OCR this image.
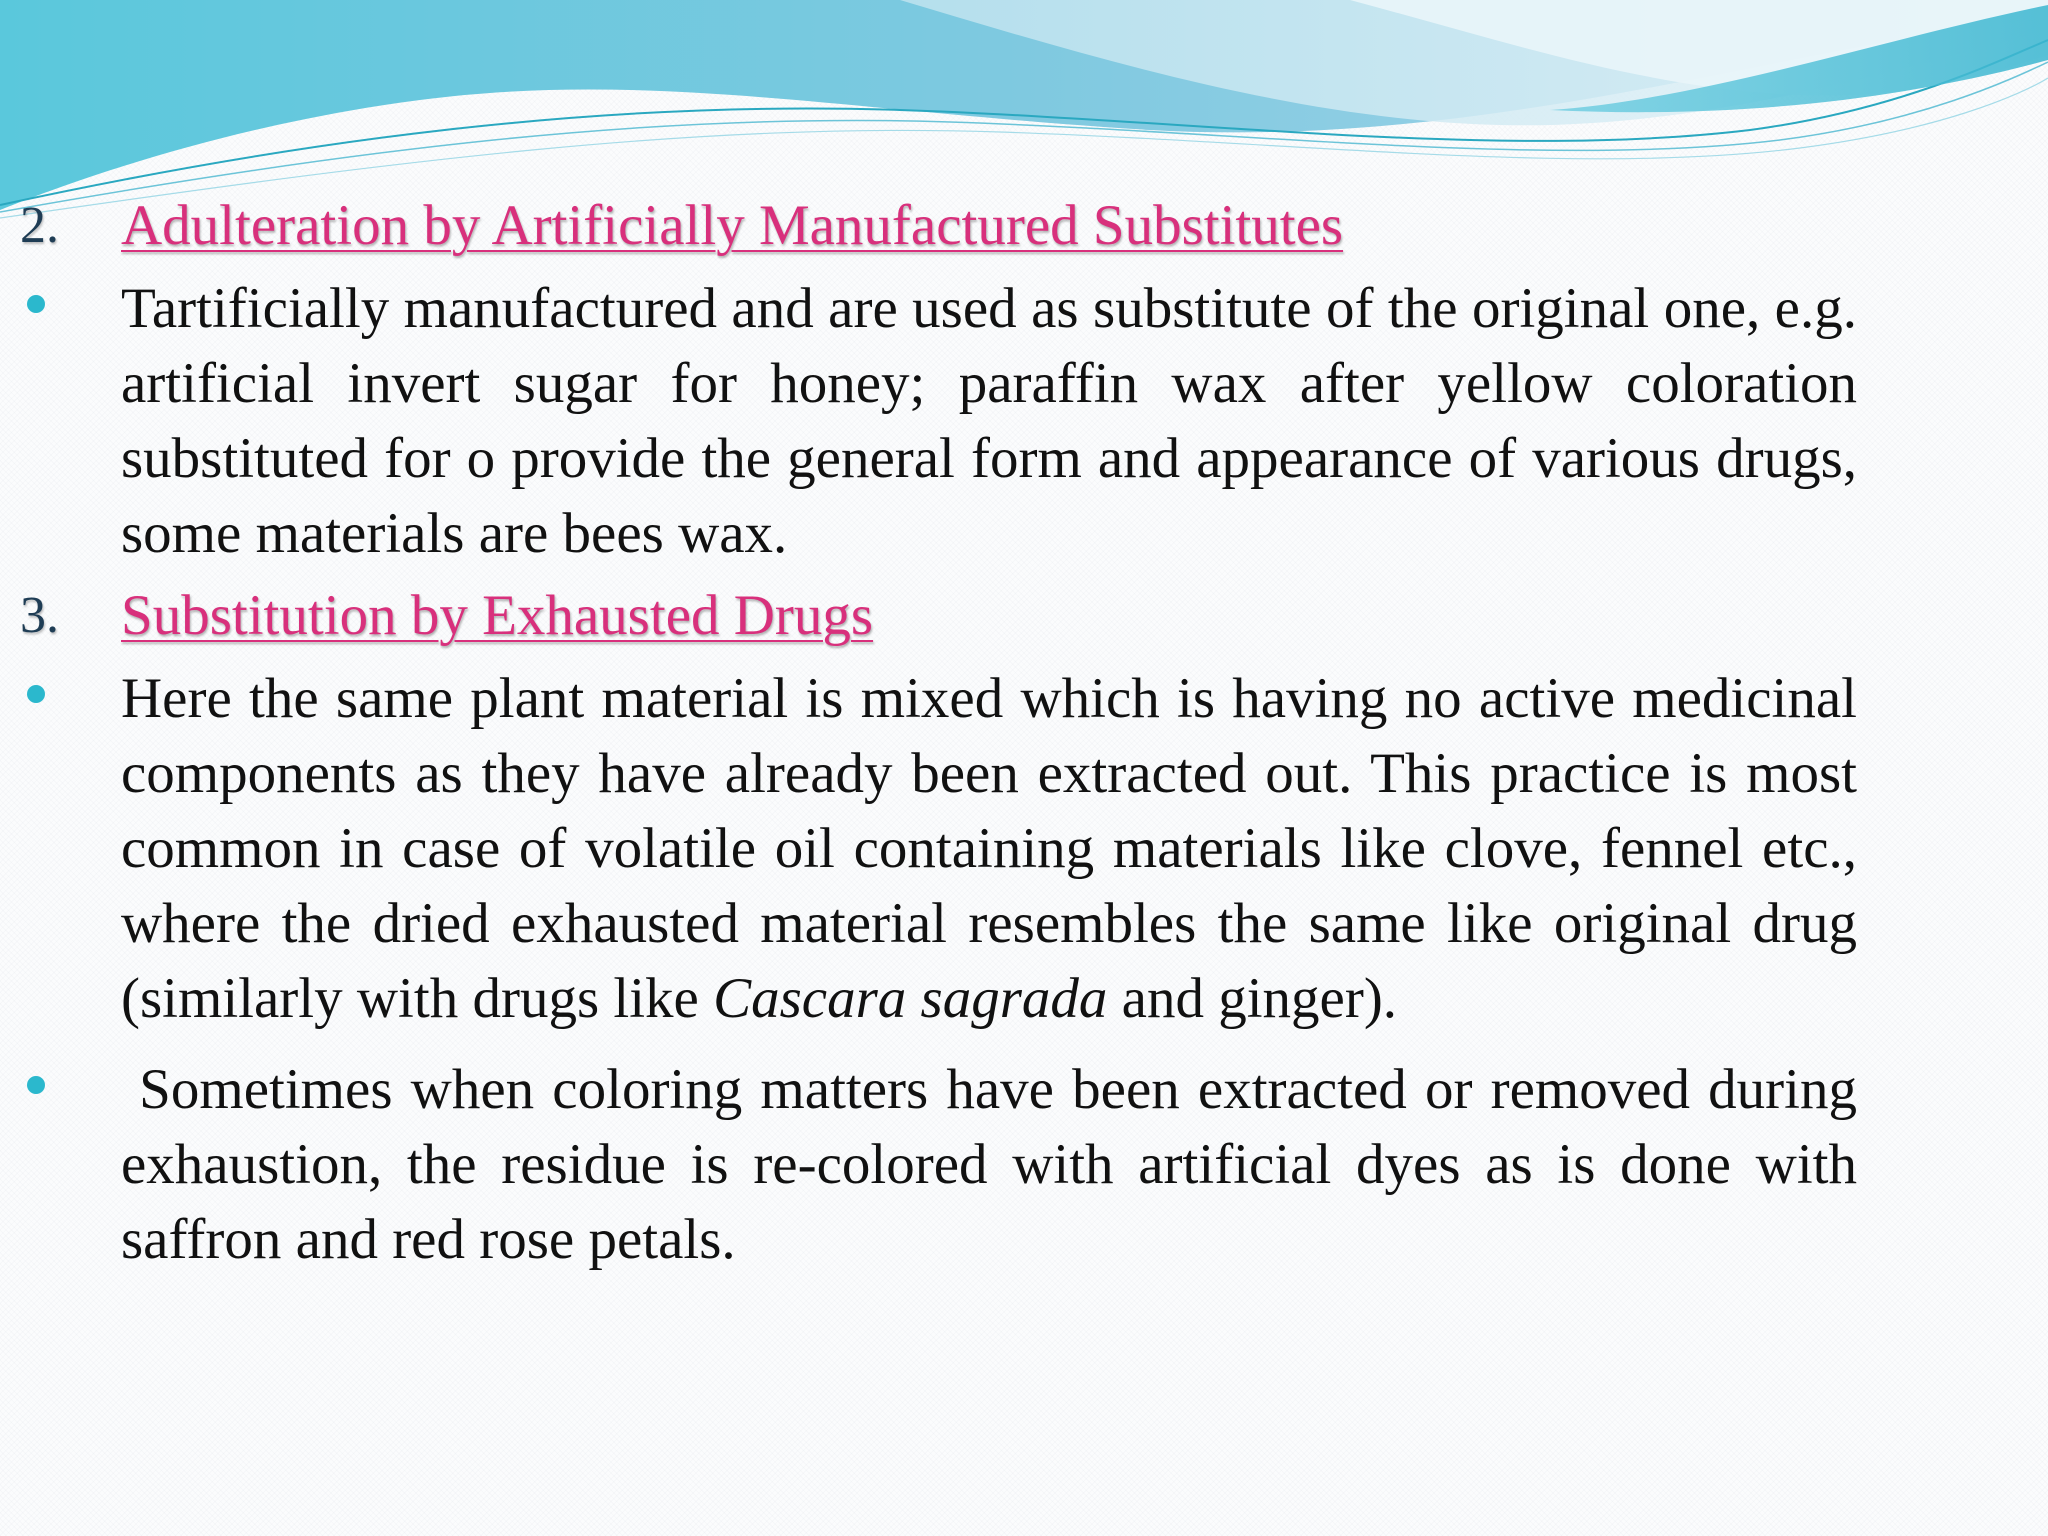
2. Adulteration by Artificially Manufactured Substitutes
Tartificially manufactured and are used as substitute of the original one, e.g. artificial invert sugar for honey; paraffin wax after yellow coloration substituted for o provide the general form and appearance of various drugs, some materials are bees wax.
3. Substitution by Exhausted Drugs
Here the same plant material is mixed which is having no active medicinal components as they have already been extracted out. This practice is most common in case of volatile oil containing materials like clove, fennel etc., where the dried exhausted material resembles the same like original drug (similarly with drugs like Cascara sagrada and ginger).
Sometimes when coloring matters have been extracted or removed during exhaustion, the residue is re-colored with artificial dyes as is done with saffron and red rose petals.
